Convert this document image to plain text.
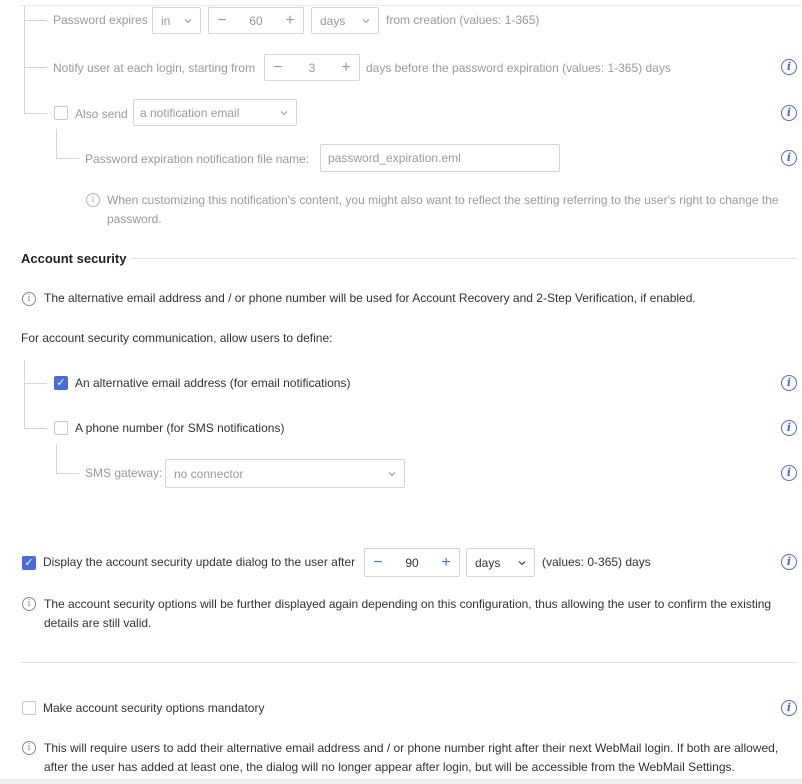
Password expires in	−	60	+	days	from creation (values: 1-365)
Notify user at each login, starting from	−	3	+	days before the password expiration (values: 1-365) days	i
Also send a notification email	i
Password expiration notification file name: password_expiration.eml	i
i	When customizing this notification's content, you might also want to reflect the setting referring to the user's right to change the password.
Account security
i	The alternative email address and / or phone number will be used for Account Recovery and 2-Step Verification, if enabled.
For account security communication, allow users to define:
✓ An alternative email address (for email notifications)	i
A phone number (for SMS notifications)	i
SMS gateway: no connector	i
✓ Display the account security update dialog to the user after	−	90	+	days	(values: 0-365) days	i
i	The account security options will be further displayed again depending on this configuration, thus allowing the user to confirm the existing details are still valid.
Make account security options mandatory	i
i	This will require users to add their alternative email address and / or phone number right after their next WebMail login. If both are allowed, after the user has added at least one, the dialog will no longer appear after login, but will be accessible from the WebMail Settings.
